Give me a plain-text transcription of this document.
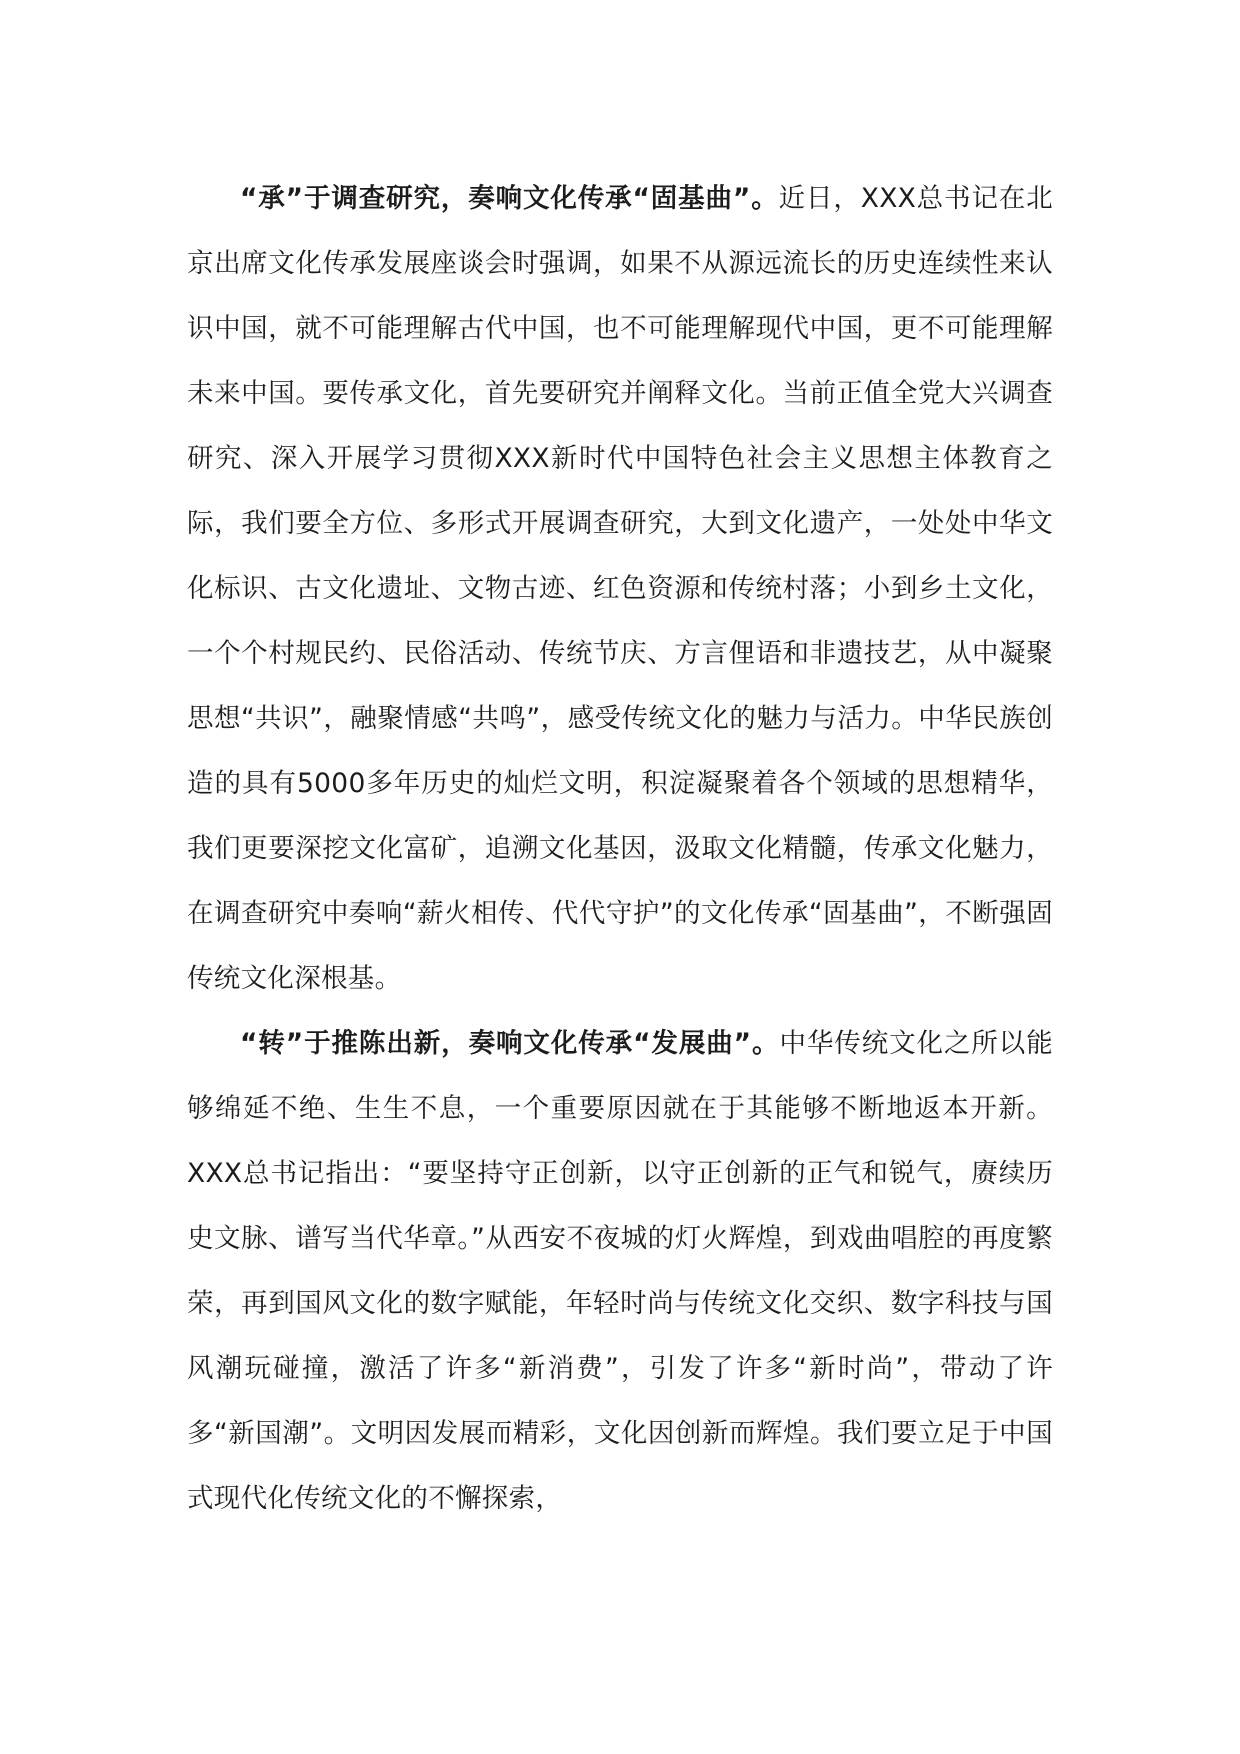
“承”于调查研究，奏响文化传承“固基曲”。近日，XXX总书记在北京出席文化传承发展座谈会时强调，如果不从源远流长的历史连续性来认识中国，就不可能理解古代中国，也不可能理解现代中国，更不可能理解未来中国。要传承文化，首先要研究并阐释文化。当前正值全党大兴调查研究、深入开展学习贯彻XXX新时代中国特色社会主义思想主体教育之际，我们要全方位、多形式开展调查研究，大到文化遗产，一处处中华文化标识、古文化遗址、文物古迹、红色资源和传统村落；小到乡土文化，一个个村规民约、民俗活动、传统节庆、方言俚语和非遗技艺，从中凝聚思想“共识”，融聚情感“共鸣”，感受传统文化的魅力与活力。中华民族创造的具有5000多年历史的灿烂文明，积淀凝聚着各个领域的思想精华，我们更要深挖文化富矿，追溯文化基因，汲取文化精髓，传承文化魅力，在调查研究中奏响“薪火相传、代代守护”的文化传承“固基曲”，不断强固传统文化深根基。

“转”于推陈出新，奏响文化传承“发展曲”。中华传统文化之所以能够绵延不绝、生生不息，一个重要原因就在于其能够不断地返本开新。XXX总书记指出：“要坚持守正创新，以守正创新的正气和锐气，赓续历史文脉、谱写当代华章。”从西安不夜城的灯火辉煌，到戏曲唱腔的再度繁荣，再到国风文化的数字赋能，年轻时尚与传统文化交织、数字科技与国风潮玩碰撞，激活了许多“新消费”，引发了许多“新时尚”，带动了许多“新国潮”。文明因发展而精彩，文化因创新而辉煌。我们要立足于中国式现代化传统文化的不懈探索，
